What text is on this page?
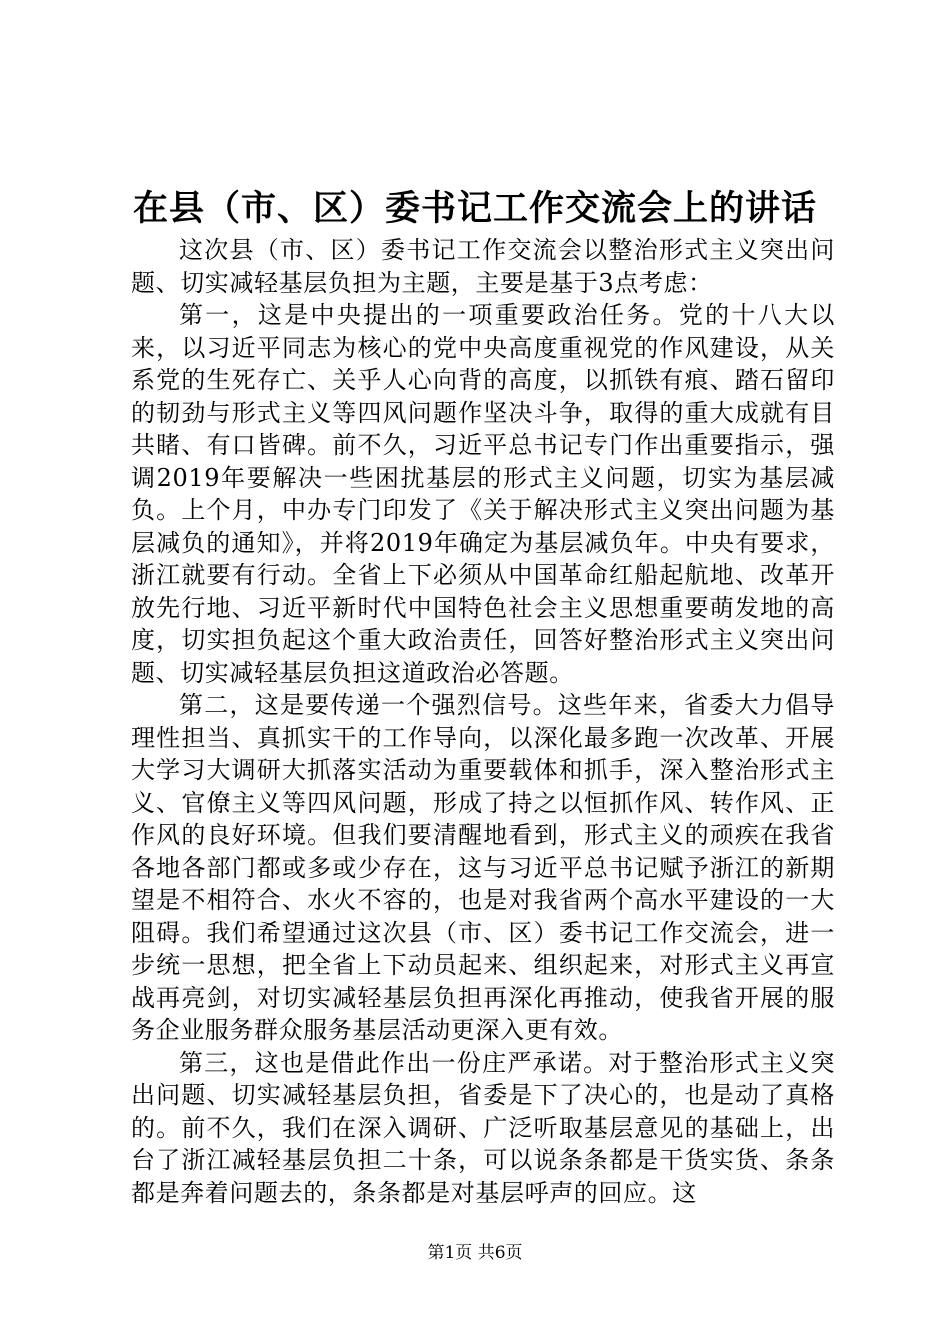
在县（市、区）委书记工作交流会上的讲话

这次县（市、区）委书记工作交流会以整治形式主义突出问题、切实减轻基层负担为主题，主要是基于3点考虑：

第一，这是中央提出的一项重要政治任务。党的十八大以来，以习近平同志为核心的党中央高度重视党的作风建设，从关系党的生死存亡、关乎人心向背的高度，以抓铁有痕、踏石留印的韧劲与形式主义等四风问题作坚决斗争，取得的重大成就有目共睹、有口皆碑。前不久，习近平总书记专门作出重要指示，强调2019年要解决一些困扰基层的形式主义问题，切实为基层减负。上个月，中办专门印发了《关于解决形式主义突出问题为基层减负的通知》，并将2019年确定为基层减负年。中央有要求，浙江就要有行动。全省上下必须从中国革命红船起航地、改革开放先行地、习近平新时代中国特色社会主义思想重要萌发地的高度，切实担负起这个重大政治责任，回答好整治形式主义突出问题、切实减轻基层负担这道政治必答题。

第二，这是要传递一个强烈信号。这些年来，省委大力倡导理性担当、真抓实干的工作导向，以深化最多跑一次改革、开展大学习大调研大抓落实活动为重要载体和抓手，深入整治形式主义、官僚主义等四风问题，形成了持之以恒抓作风、转作风、正作风的良好环境。但我们要清醒地看到，形式主义的顽疾在我省各地各部门都或多或少存在，这与习近平总书记赋予浙江的新期望是不相符合、水火不容的，也是对我省两个高水平建设的一大阻碍。我们希望通过这次县（市、区）委书记工作交流会，进一步统一思想，把全省上下动员起来、组织起来，对形式主义再宣战再亮剑，对切实减轻基层负担再深化再推动，使我省开展的服务企业服务群众服务基层活动更深入更有效。

第三，这也是借此作出一份庄严承诺。对于整治形式主义突出问题、切实减轻基层负担，省委是下了决心的，也是动了真格的。前不久，我们在深入调研、广泛听取基层意见的基础上，出台了浙江减轻基层负担二十条，可以说条条都是干货实货、条条都是奔着问题去的，条条都是对基层呼声的回应。这

第1页 共6页
